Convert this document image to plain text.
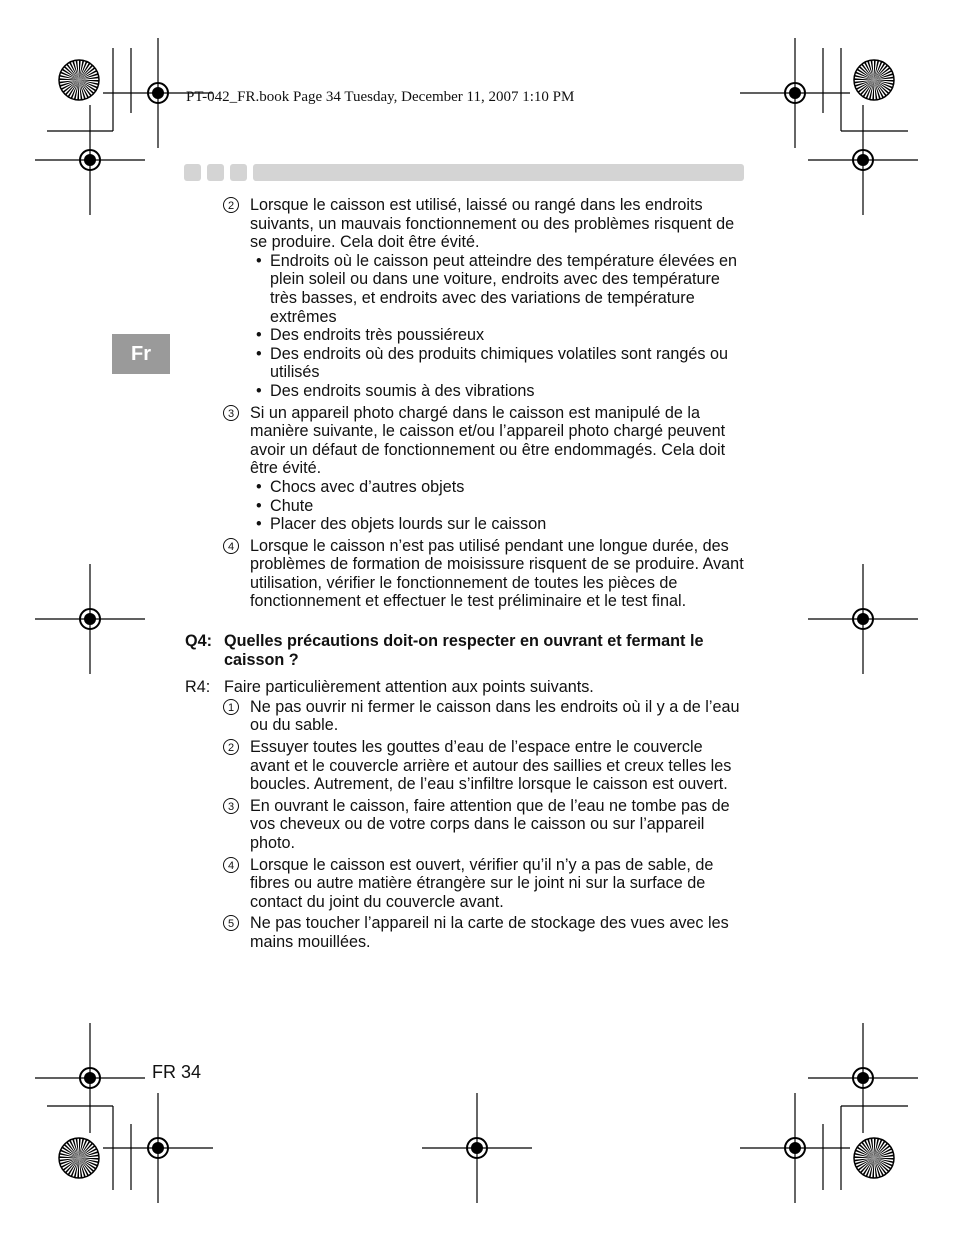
PT-042_FR.book Page 34 Tuesday, December 11, 2007 1:10 PM
Fr
2 Lorsque le caisson est utilisé, laissé ou rangé dans les endroits suivants, un mauvais fonctionnement ou des problèmes risquent de se produire. Cela doit être évité.
• Endroits où le caisson peut atteindre des température élevées en plein soleil ou dans une voiture, endroits avec des température très basses, et endroits avec des variations de température extrêmes
• Des endroits très poussiéreux
• Des endroits où des produits chimiques volatiles sont rangés ou utilisés
• Des endroits soumis à des vibrations
3 Si un appareil photo chargé dans le caisson est manipulé de la manière suivante, le caisson et/ou l’appareil photo chargé peuvent avoir un défaut de fonctionnement ou être endommagés. Cela doit être évité.
• Chocs avec d’autres objets
• Chute
• Placer des objets lourds sur le caisson
4 Lorsque le caisson n’est pas utilisé pendant une longue durée, des problèmes de formation de moisissure risquent de se produire. Avant utilisation, vérifier le fonctionnement de toutes les pièces de fonctionnement et effectuer le test préliminaire et le test final.
Q4: Quelles précautions doit-on respecter en ouvrant et fermant le caisson ?
R4: Faire particulièrement attention aux points suivants.
1 Ne pas ouvrir ni fermer le caisson dans les endroits où il y a de l’eau ou du sable.
2 Essuyer toutes les gouttes d’eau de l’espace entre le couvercle avant et le couvercle arrière et autour des saillies et creux telles les boucles. Autrement, de l’eau s’infiltre lorsque le caisson est ouvert.
3 En ouvrant le caisson, faire attention que de l’eau ne tombe pas de vos cheveux ou de votre corps dans le caisson ou sur l’appareil photo.
4 Lorsque le caisson est ouvert, vérifier qu’il n’y a pas de sable, de fibres ou autre matière étrangère sur le joint ni sur la surface de contact du joint du couvercle avant.
5 Ne pas toucher l’appareil ni la carte de stockage des vues avec les mains mouillées.
FR 34
